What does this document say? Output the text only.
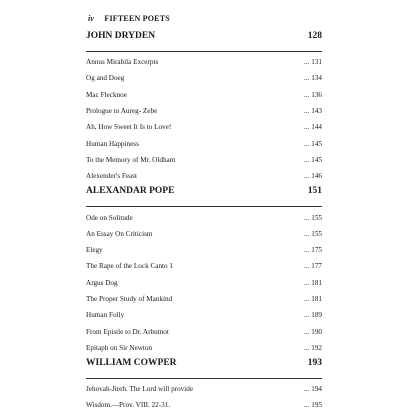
iv FIFTEEN POETS
JOHN DRYDEN	128
Annus Mirabila Excerpts	... 131
Og and Doeg	... 134
Mac Flecknoe	... 136
Prologue to Aureg- Zebe	... 143
Ah, How Sweet It Is to Love!	... 144
Human Happiness	... 145
To the Memory of Mr. Oldham	... 145
Alexender's Feast	... 146
ALEXANDAR POPE	151
Ode on Solitude	... 155
An Essay On Criticism	... 155
Elegy	... 175
The Rape of the Lock Canto 1	... 177
Argus Dog	... 181
The Proper Study of Mankind	... 181
Human Folly	... 189
From Epistle to Dr. Arbutnot	... 190
Epitaph on Sir Newton	... 192
WILLIAM COWPER	193
Jehovah-Jireh. The Lord will provide	... 194
Wisdom.—Prov. VIII. 22-31.	... 195
